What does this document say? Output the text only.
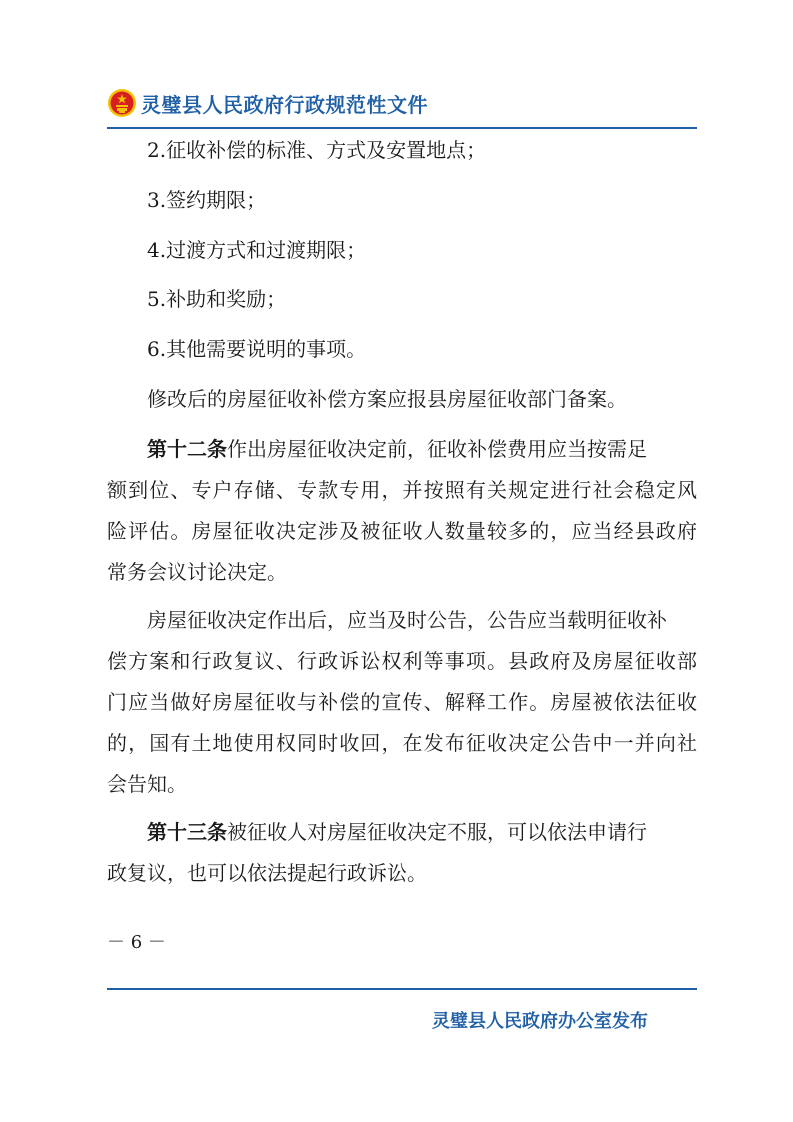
灵璧县人民政府行政规范性文件
2.征收补偿的标准、方式及安置地点；
3.签约期限；
4.过渡方式和过渡期限；
5.补助和奖励；
6.其他需要说明的事项。
修改后的房屋征收补偿方案应报县房屋征收部门备案。
第十二条作出房屋征收决定前，征收补偿费用应当按需足
额到位、专户存储、专款专用，并按照有关规定进行社会稳定风
险评估。房屋征收决定涉及被征收人数量较多的，应当经县政府
常务会议讨论决定。
房屋征收决定作出后，应当及时公告，公告应当载明征收补
偿方案和行政复议、行政诉讼权利等事项。县政府及房屋征收部
门应当做好房屋征收与补偿的宣传、解释工作。房屋被依法征收
的，国有土地使用权同时收回，在发布征收决定公告中一并向社
会告知。
第十三条被征收人对房屋征收决定不服，可以依法申请行
政复议，也可以依法提起行政诉讼。
－ 6 －
灵璧县人民政府办公室发布
